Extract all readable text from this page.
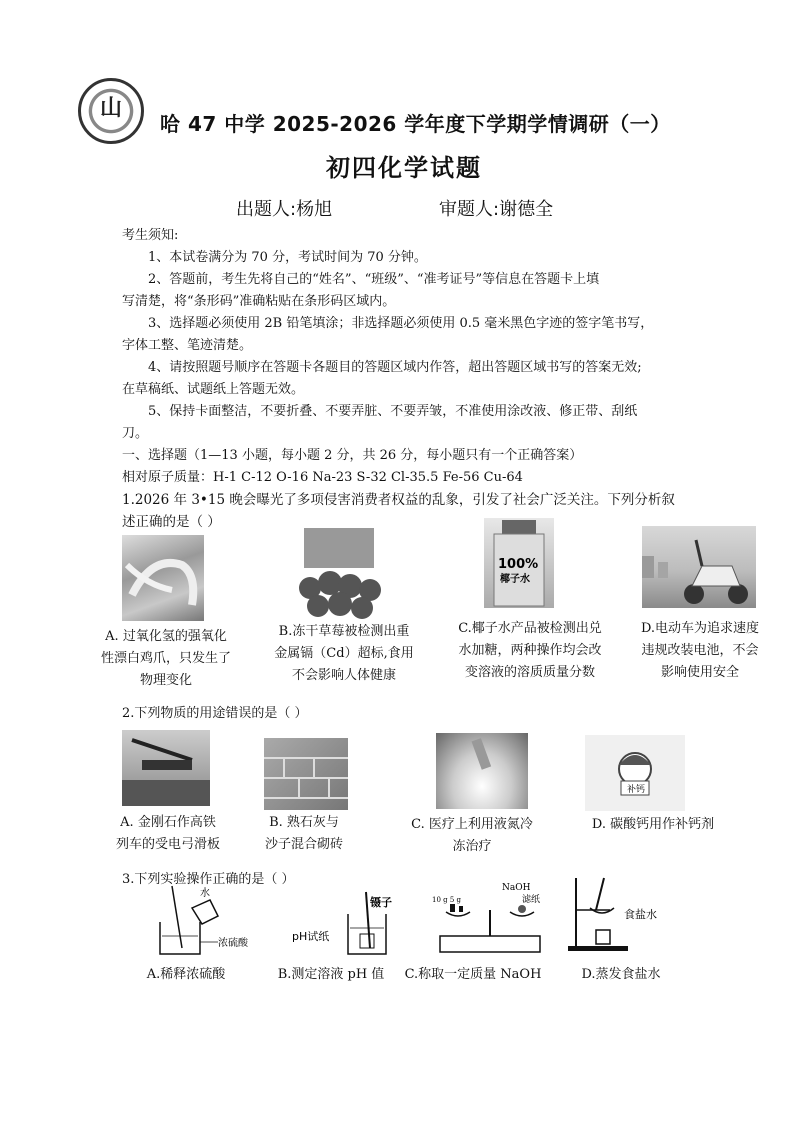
山
哈 47 中学 2025-2026 学年度下学期学情调研（一）
初四化学试题
出题人:杨旭	审题人:谢德全
考生须知:
1、本试卷满分为 70 分，考试时间为 70 分钟。
2、答题前，考生先将自己的“姓名”、“班级”、“准考证号”等信息在答题卡上填
写清楚，将“条形码”准确粘贴在条形码区域内。
3、选择题必须使用 2B 铅笔填涂；非选择题必须使用 0.5 毫米黑色字迹的签字笔书写，
字体工整、笔迹清楚。
4、请按照题号顺序在答题卡各题目的答题区域内作答，超出答题区域书写的答案无效;
在草稿纸、试题纸上答题无效。
5、保持卡面整洁，不要折叠、不要弄脏、不要弄皱，不准使用涂改液、修正带、刮纸
刀。
一、选择题（1—13 小题，每小题 2 分，共 26 分，每小题只有一个正确答案）
相对原子质量：H-1 C-12 O-16 Na-23 S-32 Cl-35.5 Fe-56 Cu-64
1.2026 年 3•15 晚会曝光了多项侵害消费者权益的乱象，引发了社会广泛关注。下列分析叙
述正确的是（ ）
100%
椰子水
A. 过氧化氢的强氧化
性漂白鸡爪，只发生了
物理变化
B.冻干草莓被检测出重
金属镉（Cd）超标,食用
不会影响人体健康
C.椰子水产品被检测出兑
水加糖，两种操作均会改
变溶液的溶质质量分数
D.电动车为追求速度
违规改装电池，不会
影响使用安全
2.下列物质的用途错误的是（ ）
补钙
A. 金刚石作高铁
列车的受电弓滑板
B. 熟石灰与
沙子混合砌砖
C. 医疗上利用液氮冷
冻治疗
D. 碳酸钙用作补钙剂
3.下列实验操作正确的是（ ）
水
浓硫酸
镊子
pH试纸
10 g 5 g
NaOH
滤纸
食盐水
A.稀释浓硫酸	B.测定溶液 pH 值	C.称取一定质量 NaOH	D.蒸发食盐水
